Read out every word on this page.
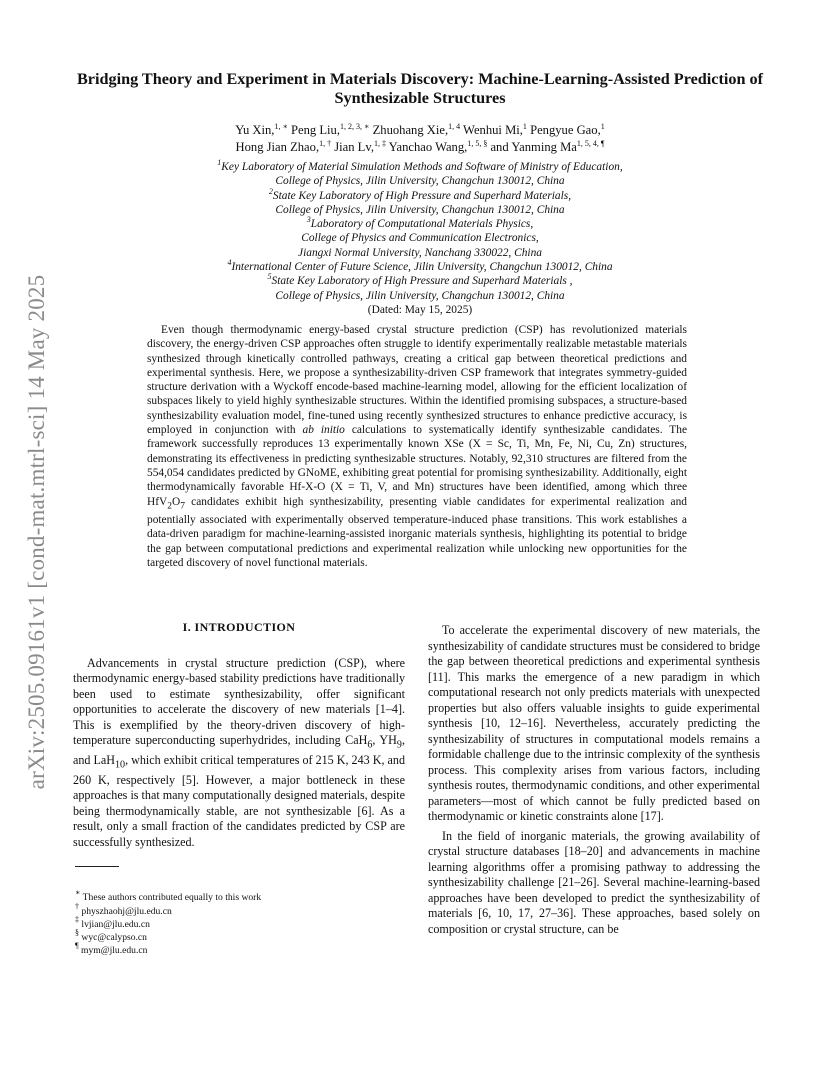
arXiv:2505.09161v1 [cond-mat.mtrl-sci] 14 May 2025
Bridging Theory and Experiment in Materials Discovery: Machine-Learning-Assisted Prediction of Synthesizable Structures
Yu Xin,$^{1, ∗}$ Peng Liu,$^{1, 2, 3, ∗}$ Zhuohang Xie,$^{1, 4}$ Wenhui Mi,$^1$ Pengyue Gao,$^1$
Hong Jian Zhao,$^{1, \dagger}$ Jian Lv,$^{1, \ddagger}$ Yanchao Wang,$^{1, 5, \S}$ and Yanming $Ma^{1, 5, 4, \P}$
$^1$Key Laboratory of Material Simulation Methods and Software of Ministry of Education,
College of Physics, Jilin University, Changchun 130012, China
$^2$State Key Laboratory of High Pressure and Superhard Materials,
College of Physics, Jilin University, Changchun 130012, China
$^3$Laboratory of Computational Materials Physics,
College of Physics and Communication Electronics,
Jiangxi Normal University, Nanchang 330022, China
$^4$International Center of Future Science, Jilin University, Changchun 130012, China
$^5$State Key Laboratory of High Pressure and Superhard Materials ,
College of Physics, Jilin University, Changchun 130012, China
(Dated: May 15, 2025)

Even though thermodynamic energy-based crystal structure prediction (CSP) has revolutionized materials discovery, the energy-driven CSP approaches often struggle to identify experimentally realizable metastable materials synthesized through kinetically controlled pathways, creating a critical gap between theoretical predictions and experimental synthesis. Here, we propose a synthesizability-driven CSP framework that integrates symmetry-guided structure derivation with a Wyckoff encode-based machine-learning model, allowing for the efficient localization of subspaces likely to yield highly synthesizable structures. Within the identified promising subspaces, a structure-based synthesizability evaluation model, fine-tuned using recently synthesized structures to enhance predictive accuracy, is employed in conjunction with ab initio calculations to systematically identify synthesizable candidates. The framework successfully reproduces 13 experimentally known XSe (X = Sc, Ti, Mn, Fe, Ni, Cu, Zn) structures, demonstrating its effectiveness in predicting synthesizable structures. Notably, 92,310 structures are filtered from the 554,054 candidates predicted by GNoME, exhibiting great potential for promising synthesizability. Additionally, eight thermodynamically favorable Hf-X-O (X = Ti, V, and Mn) structures have been identified, among which three $HfV_2O_7$ candidates exhibit high synthesizability, presenting viable candidates for experimental realization and potentially associated with experimentally observed temperature-induced phase transitions. This work establishes a data-driven paradigm for machine-learning-assisted inorganic materials synthesis, highlighting its potential to bridge the gap between computational predictions and experimental realization while unlocking new opportunities for the targeted discovery of novel functional materials.

I. INTRODUCTION

Advancements in crystal structure prediction (CSP), where thermodynamic energy-based stability predictions have traditionally been used to estimate synthesizability, offer significant opportunities to accelerate the discovery of new materials [1–4]. This is exemplified by the theory-driven discovery of high-temperature superconducting superhydrides, including CaH$_6$, $YH_9$, and LaH$_{10}$, which exhibit critical temperatures of 215 K, 243 K, and 260 K, respectively [5]. However, a major bottleneck in these approaches is that many computationally designed materials, despite being thermodynamically stable, are not synthesizable [6]. As a result, only a small fraction of the candidates predicted by CSP are successfully synthesized.

∗ These authors contributed equally to this work
† physzhaohj@jlu.edu.cn
‡ lvjian@jlu.edu.cn
§ wyc@calypso.cn
¶ mym@jlu.edu.cn

To accelerate the experimental discovery of new materials, the synthesizability of candidate structures must be considered to bridge the gap between theoretical predictions and experimental synthesis [11]. This marks the emergence of a new paradigm in which computational research not only predicts materials with unexpected properties but also offers valuable insights to guide experimental synthesis [10, 12–16]. Nevertheless, accurately predicting the synthesizability of structures in computational models remains a formidable challenge due to the intrinsic complexity of the synthesis process. This complexity arises from various factors, including synthesis routes, thermodynamic conditions, and other experimental parameters—most of which cannot be fully predicted based on thermodynamic or kinetic constraints alone [17].

In the field of inorganic materials, the growing availability of crystal structure databases [18–20] and advancements in machine learning algorithms offer a promising pathway to addressing the synthesizability challenge [21–26]. Several machine-learning-based approaches have been developed to predict the synthesizability of materials [6, 10, 17, 27–36]. These approaches, based solely on composition or crystal structure, can be
